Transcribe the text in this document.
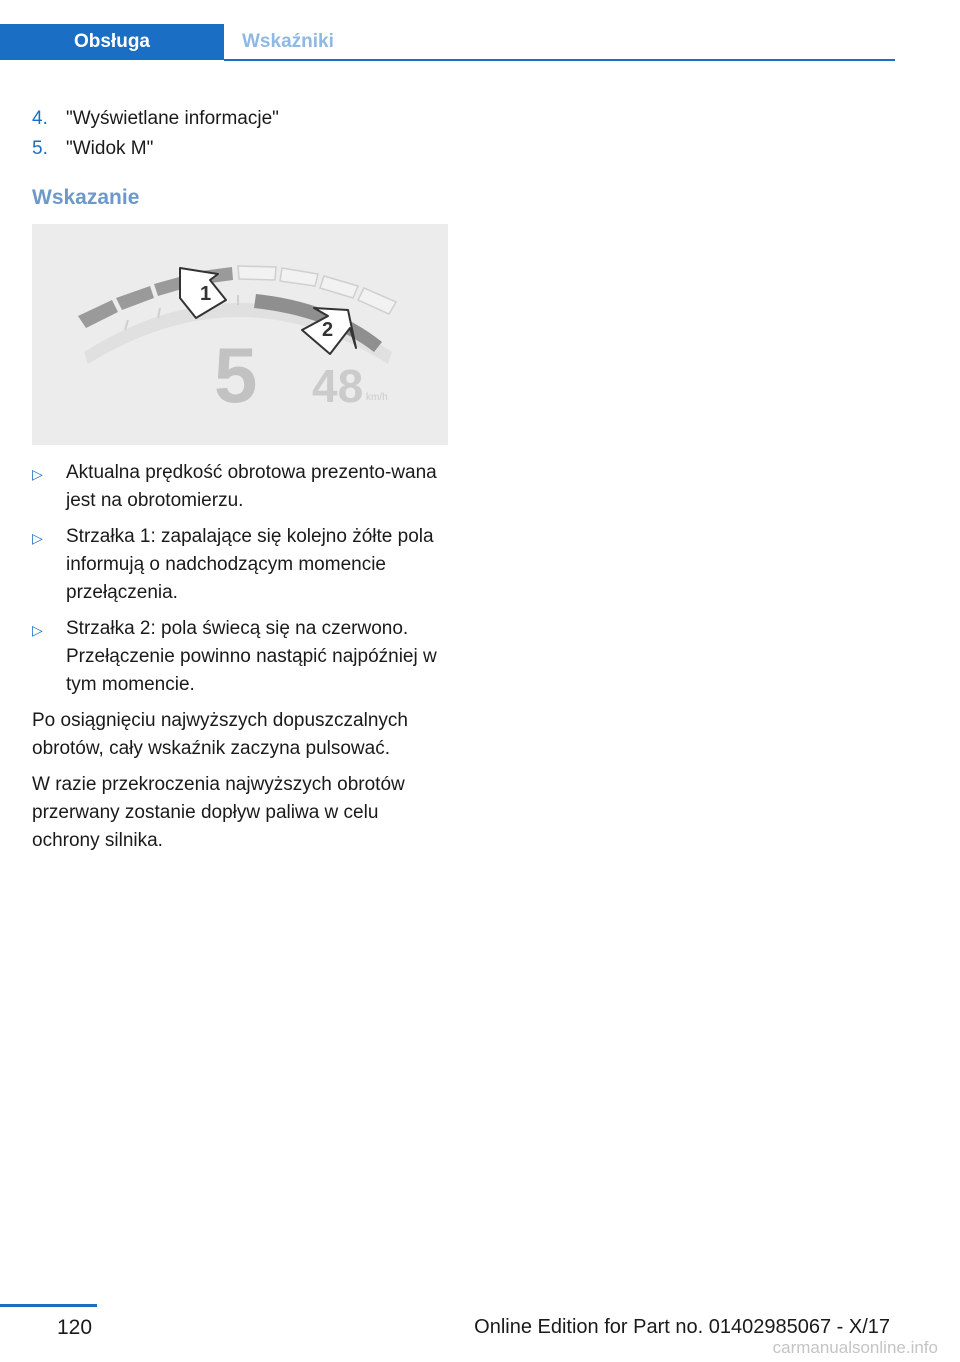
Obsługa	Wskaźniki
4. "Wyświetlane informacje"
5. "Widok M"
Wskazanie
1
2
5 48 km/h
▷	Aktualna prędkość obrotowa prezento-wana jest na obrotomierzu.
▷	Strzałka 1: zapalające się kolejno żółte pola informują o nadchodzącym momencie przełączenia.
▷	Strzałka 2: pola świecą się na czerwono. Przełączenie powinno nastąpić najpóźniej w tym momencie.

Po osiągnięciu najwyższych dopuszczalnych obrotów, cały wskaźnik zaczyna pulsować.

W razie przekroczenia najwyższych obrotów przerwany zostanie dopływ paliwa w celu ochrony silnika.

120	Online Edition for Part no. 01402985067 - X/17
carmanualsonline.info
